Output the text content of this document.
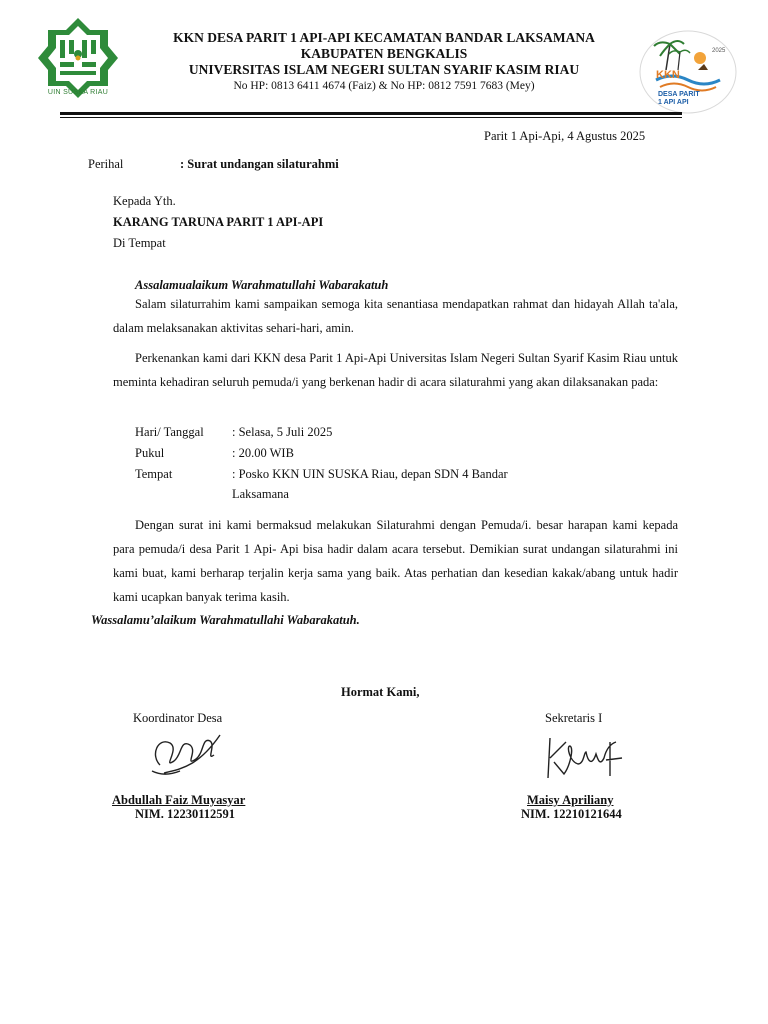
UIN SUSKA RIAU
KKN DESA PARIT 1 API-API KECAMATAN BANDAR LAKSAMANA
KABUPATEN BENGKALIS
UNIVERSITAS ISLAM NEGERI SULTAN SYARIF KASIM RIAU
No HP: 0813 6411 4674 (Faiz) & No HP: 0812 7591 7683 (Mey)
2025
KKN
DESA PARIT
1 API API
Parit 1 Api-Api, 4 Agustus 2025
Perihal	: Surat undangan silaturahmi
Kepada Yth.
KARANG TARUNA PARIT 1 API-API
Di Tempat
Assalamualaikum Warahmatullahi Wabarakatuh
Salam silaturrahim kami sampaikan semoga kita senantiasa mendapatkan rahmat dan hidayah Allah ta'ala, dalam melaksanakan aktivitas sehari-hari, amin.
Perkenankan kami dari KKN desa Parit 1 Api-Api Universitas Islam Negeri Sultan Syarif Kasim Riau untuk meminta kehadiran seluruh pemuda/i yang berkenan hadir di acara silaturahmi yang akan dilaksanakan pada:
Hari/ Tanggal : Selasa, 5 Juli 2025
Pukul	: 20.00 WIB
Tempat	: Posko KKN UIN SUSKA Riau, depan SDN 4 Bandar
Laksamana
Dengan surat ini kami bermaksud melakukan Silaturahmi dengan Pemuda/i. besar harapan kami kepada para pemuda/i desa Parit 1 Api- Api bisa hadir dalam acara tersebut. Demikian surat undangan silaturahmi ini kami buat, kami berharap terjalin kerja sama yang baik. Atas perhatian dan kesedian kakak/abang untuk hadir kami ucapkan banyak terima kasih.
Wassalamu’alaikum Warahmatullahi Wabarakatuh.
Hormat Kami,
Koordinator Desa	Sekretaris I
Abdullah Faiz Muyasyar
NIM. 12230112591
Maisy Apriliany
NIM. 12210121644
